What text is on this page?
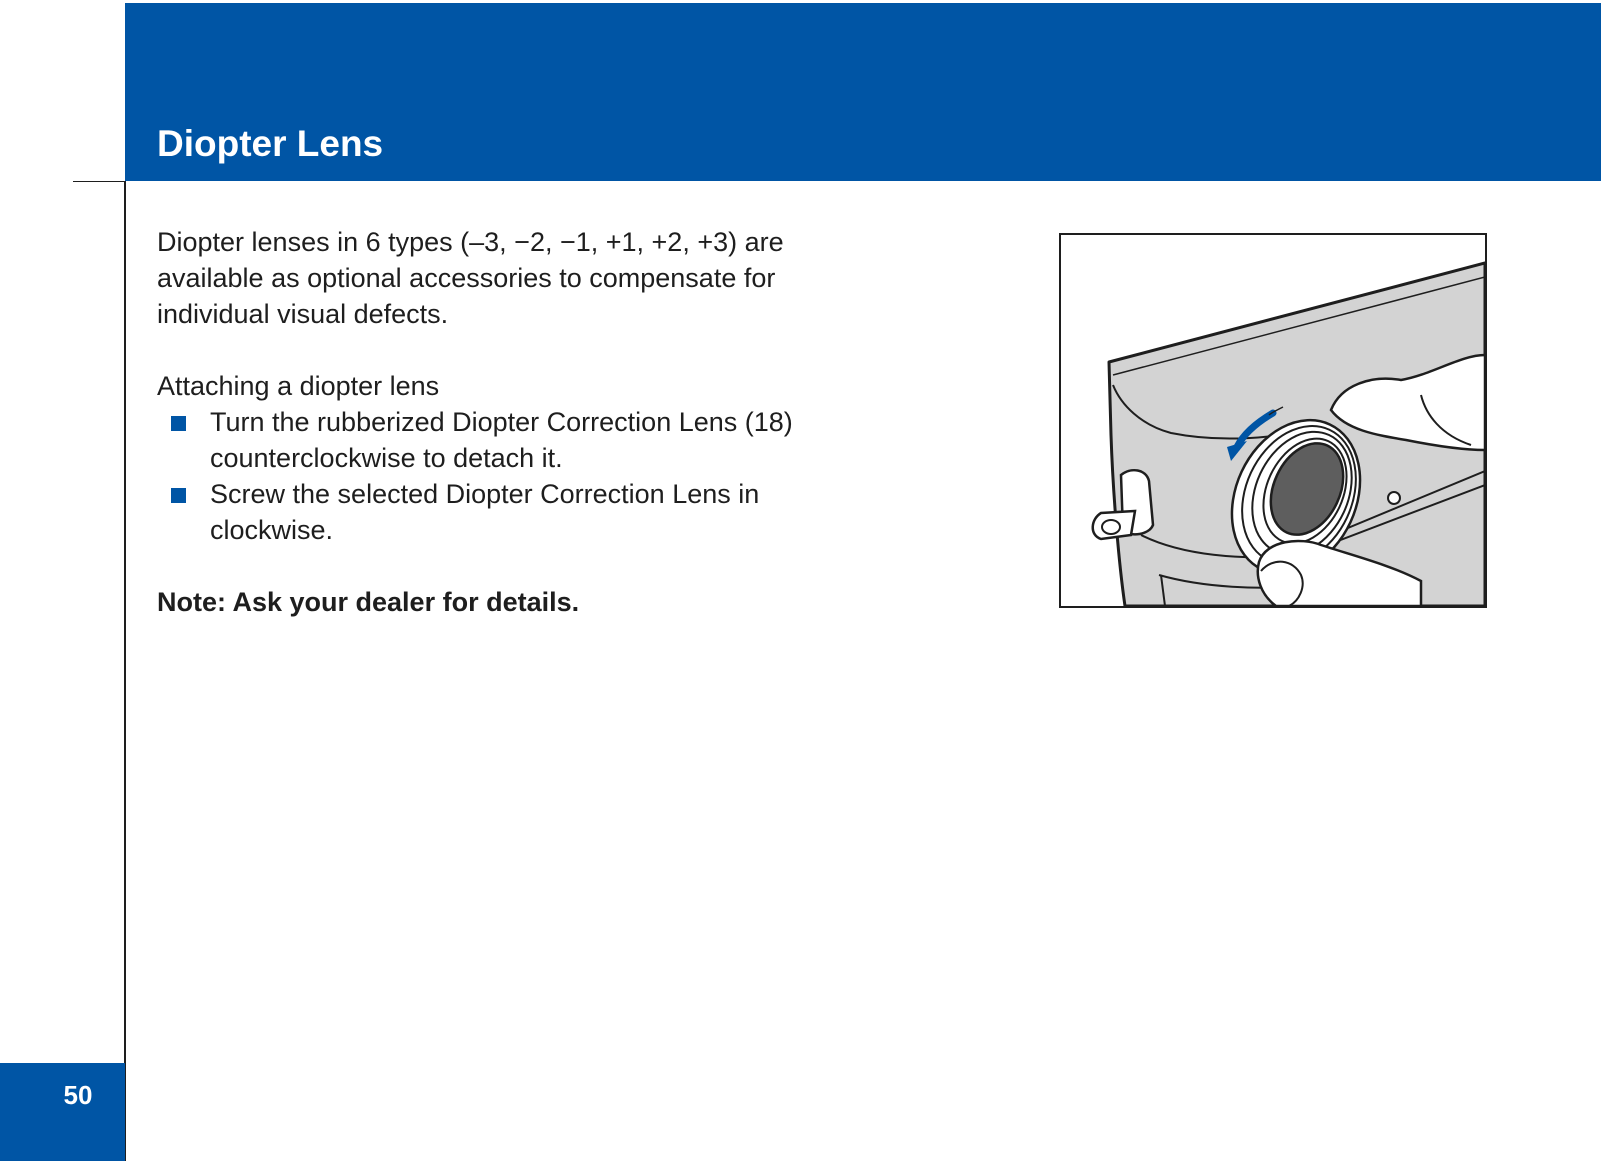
Diopter Lens

Diopter lenses in 6 types (–3, −2, −1, +1, +2, +3) are available as optional accessories to compensate for individual visual defects.

Attaching a diopter lens

Turn the rubberized Diopter Correction Lens (18) counterclockwise to detach it.
Screw the selected Diopter Correction Lens in clockwise.

Note: Ask your dealer for details.

50
